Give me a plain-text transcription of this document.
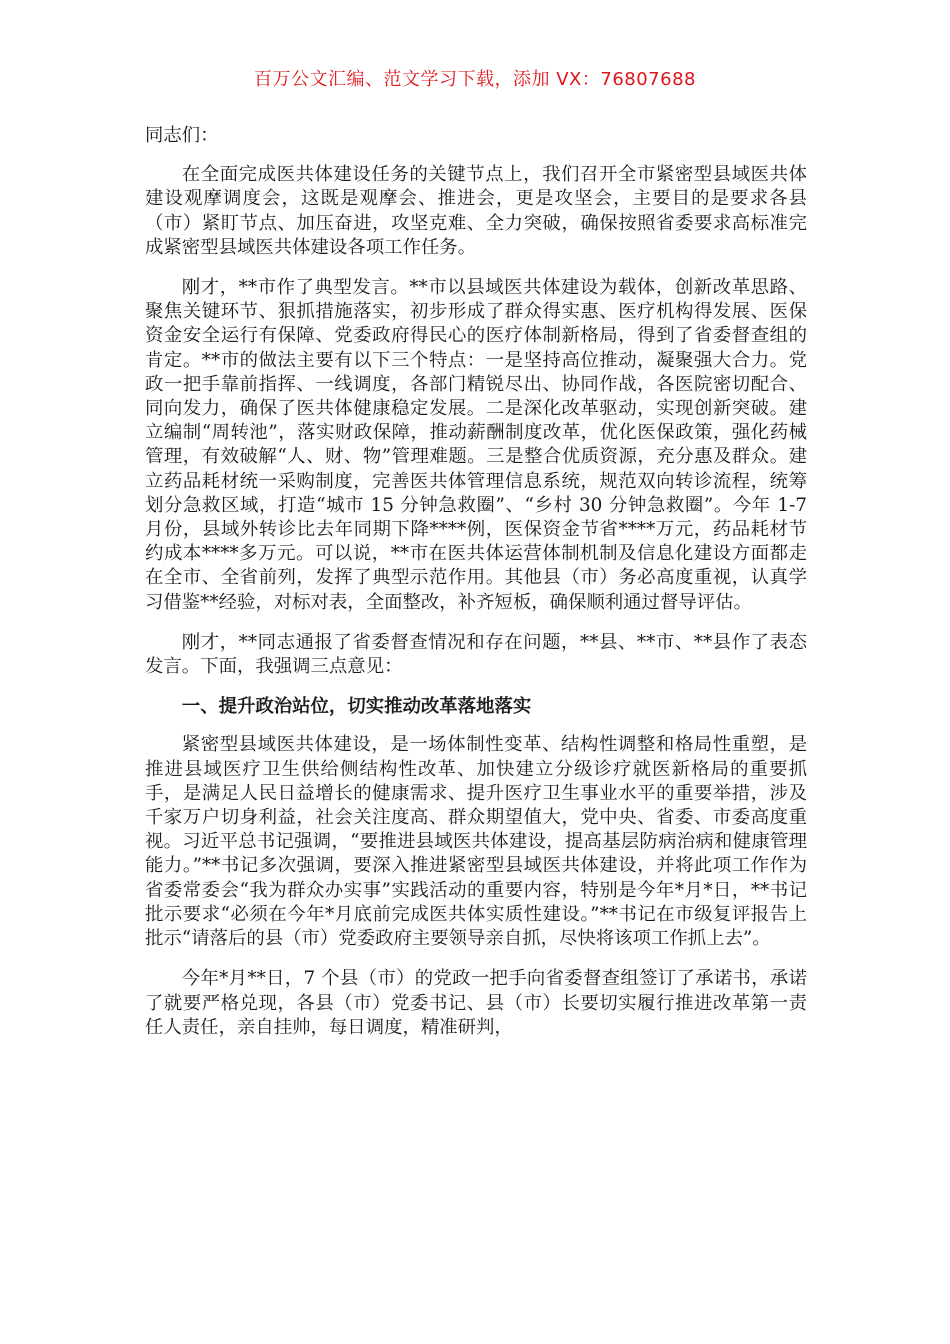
百万公文汇编、范文学习下载，添加 VX：76807688

同志们：

在全面完成医共体建设任务的关键节点上，我们召开全市紧密型县域医共体建设观摩调度会，这既是观摩会、推进会，更是攻坚会，主要目的是要求各县（市）紧盯节点、加压奋进，攻坚克难、全力突破，确保按照省委要求高标准完成紧密型县域医共体建设各项工作任务。

刚才，**市作了典型发言。**市以县域医共体建设为载体，创新改革思路、聚焦关键环节、狠抓措施落实，初步形成了群众得实惠、医疗机构得发展、医保资金安全运行有保障、党委政府得民心的医疗体制新格局，得到了省委督查组的肯定。**市的做法主要有以下三个特点：一是坚持高位推动，凝聚强大合力。党政一把手靠前指挥、一线调度，各部门精锐尽出、协同作战，各医院密切配合、同向发力，确保了医共体健康稳定发展。二是深化改革驱动，实现创新突破。建立编制“周转池”，落实财政保障，推动薪酬制度改革，优化医保政策，强化药械管理，有效破解“人、财、物”管理难题。三是整合优质资源，充分惠及群众。建立药品耗材统一采购制度，完善医共体管理信息系统，规范双向转诊流程，统筹划分急救区域，打造“城市 15 分钟急救圈”、“乡村 30 分钟急救圈”。今年 1-7 月份，县域外转诊比去年同期下降****例，医保资金节省****万元，药品耗材节约成本****多万元。可以说，**市在医共体运营体制机制及信息化建设方面都走在全市、全省前列，发挥了典型示范作用。其他县（市）务必高度重视，认真学习借鉴**经验，对标对表，全面整改，补齐短板，确保顺利通过督导评估。

刚才，**同志通报了省委督查情况和存在问题，**县、**市、**县作了表态发言。下面，我强调三点意见：

一、提升政治站位，切实推动改革落地落实

紧密型县域医共体建设，是一场体制性变革、结构性调整和格局性重塑，是推进县域医疗卫生供给侧结构性改革、加快建立分级诊疗就医新格局的重要抓手，是满足人民日益增长的健康需求、提升医疗卫生事业水平的重要举措，涉及千家万户切身利益，社会关注度高、群众期望值大，党中央、省委、市委高度重视。习近平总书记强调，“要推进县域医共体建设，提高基层防病治病和健康管理能力。”**书记多次强调，要深入推进紧密型县域医共体建设，并将此项工作作为省委常委会“我为群众办实事”实践活动的重要内容，特别是今年*月*日，**书记批示要求“必须在今年*月底前完成医共体实质性建设。”**书记在市级复评报告上批示“请落后的县（市）党委政府主要领导亲自抓，尽快将该项工作抓上去”。

今年*月**日，7 个县（市）的党政一把手向省委督查组签订了承诺书，承诺了就要严格兑现，各县（市）党委书记、县（市）长要切实履行推进改革第一责任人责任，亲自挂帅，每日调度，精准研判，
